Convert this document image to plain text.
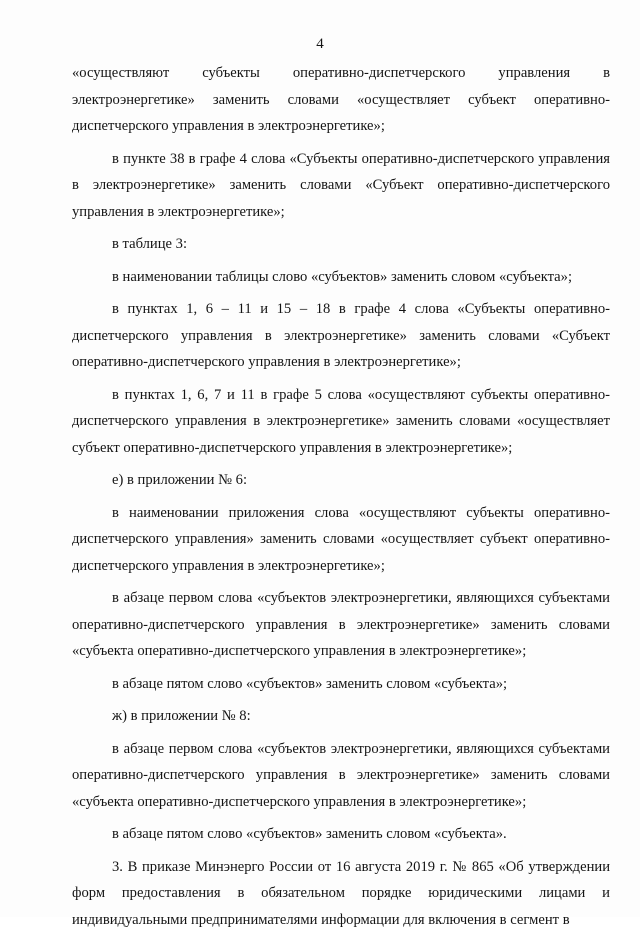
4

«осуществляют субъекты оперативно-диспетчерского управления в электроэнергетике» заменить словами «осуществляет субъект оперативно-диспетчерского управления в электроэнергетике»;

в пункте 38 в графе 4 слова «Субъекты оперативно-диспетчерского управления в электроэнергетике» заменить словами «Субъект оперативно-диспетчерского управления в электроэнергетике»;

в таблице 3:

в наименовании таблицы слово «субъектов» заменить словом «субъекта»;

в пунктах 1, 6 – 11 и 15 – 18 в графе 4 слова «Субъекты оперативно-диспетчерского управления в электроэнергетике» заменить словами «Субъект оперативно-диспетчерского управления в электроэнергетике»;

в пунктах 1, 6, 7 и 11 в графе 5 слова «осуществляют субъекты оперативно-диспетчерского управления в электроэнергетике» заменить словами «осуществляет субъект оперативно-диспетчерского управления в электроэнергетике»;

е) в приложении № 6:

в наименовании приложения слова «осуществляют субъекты оперативно-диспетчерского управления» заменить словами «осуществляет субъект оперативно-диспетчерского управления в электроэнергетике»;

в абзаце первом слова «субъектов электроэнергетики, являющихся субъектами оперативно-диспетчерского управления в электроэнергетике» заменить словами «субъекта оперативно-диспетчерского управления в электроэнергетике»;

в абзаце пятом слово «субъектов» заменить словом «субъекта»;

ж) в приложении № 8:

в абзаце первом слова «субъектов электроэнергетики, являющихся субъектами оперативно-диспетчерского управления в электроэнергетике» заменить словами «субъекта оперативно-диспетчерского управления в электроэнергетике»;

в абзаце пятом слово «субъектов» заменить словом «субъекта».

3. В приказе Минэнерго России от 16 августа 2019 г. № 865 «Об утверждении форм предоставления в обязательном порядке юридическими лицами и индивидуальными предпринимателями информации для включения в сегмент в
